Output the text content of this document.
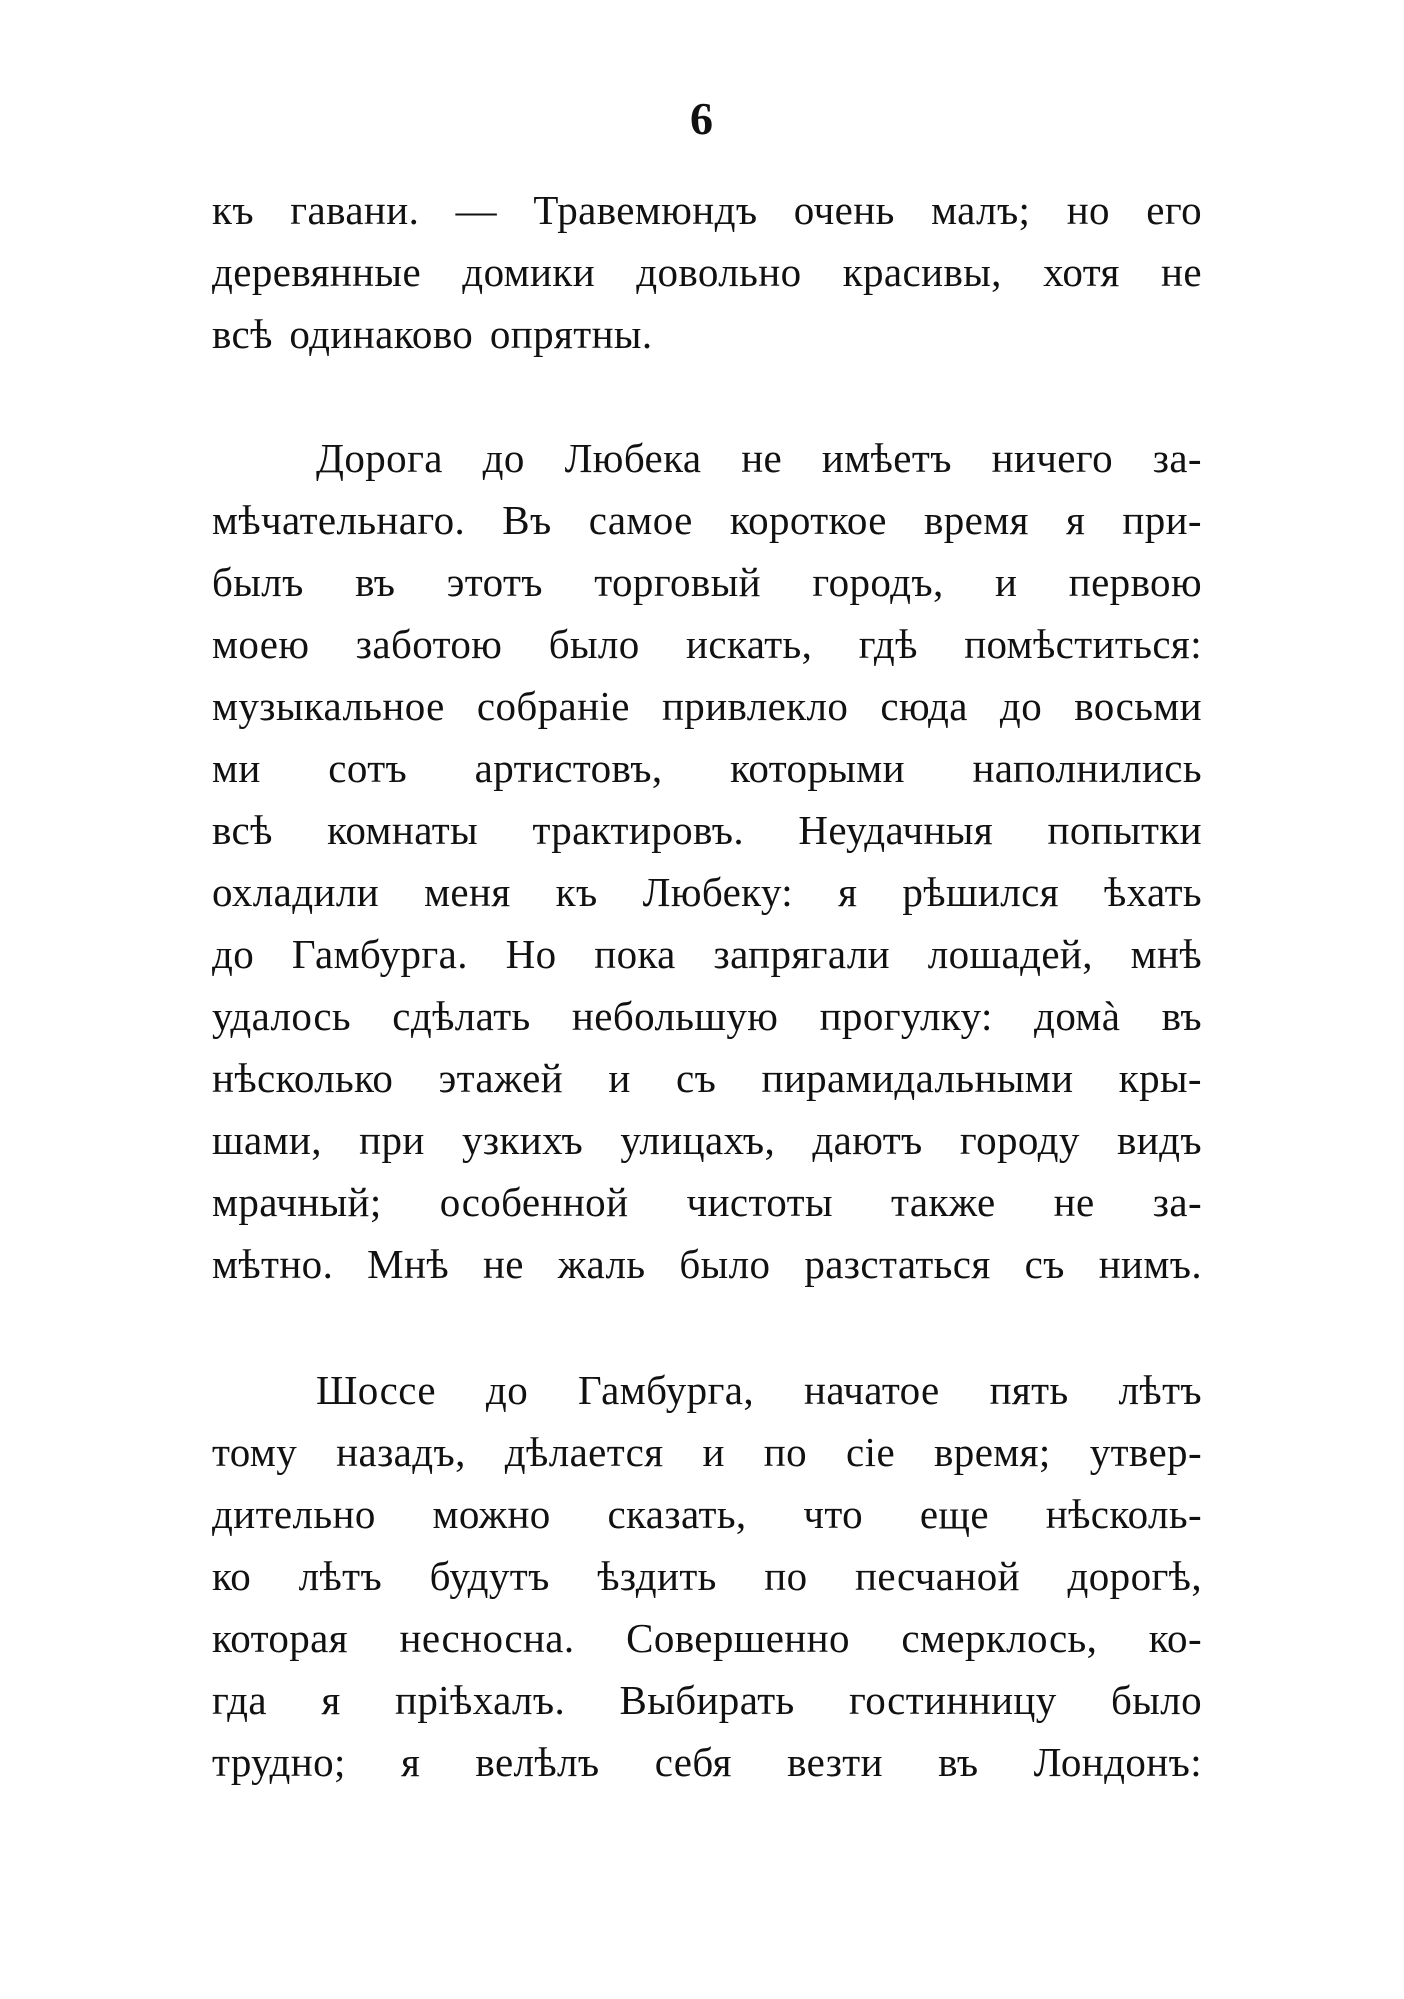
6
къ гавани. — Травемюндъ очень малъ; но его
деревянные домики довольно красивы, хотя не
всѣ одинаково опрятны.
Дорога до Любека не имѣетъ ничего за-
мѣчательнаго. Въ самое короткое время я при-
былъ въ этотъ торговый городъ, и первою
моею заботою было искать, гдѣ помѣститься:
музыкальное собраніе привлекло сюда до восьми
ми сотъ артистовъ, которыми наполнились
всѣ комнаты трактировъ. Неудачныя попытки
охладили меня къ Любеку: я рѣшился ѣхать
до Гамбурга. Но пока запрягали лошадей, мнѣ
удалось сдѣлать небольшую прогулку: домà въ
нѣсколько этажей и съ пирамидальными кры-
шами, при узкихъ улицахъ, даютъ городу видъ
мрачный; особенной чистоты также не за-
мѣтно. Мнѣ не жаль было разстаться съ нимъ.
Шоссе до Гамбурга, начатое пять лѣтъ
тому назадъ, дѣлается и по сіе время; утвер-
дительно можно сказать, что еще нѣсколь-
ко лѣтъ будутъ ѣздить по песчаной дорогѣ,
которая несносна. Совершенно смерклось, ко-
гда я пріѣхалъ. Выбирать гостинницу было
трудно; я велѣлъ себя везти въ Лондонъ:
